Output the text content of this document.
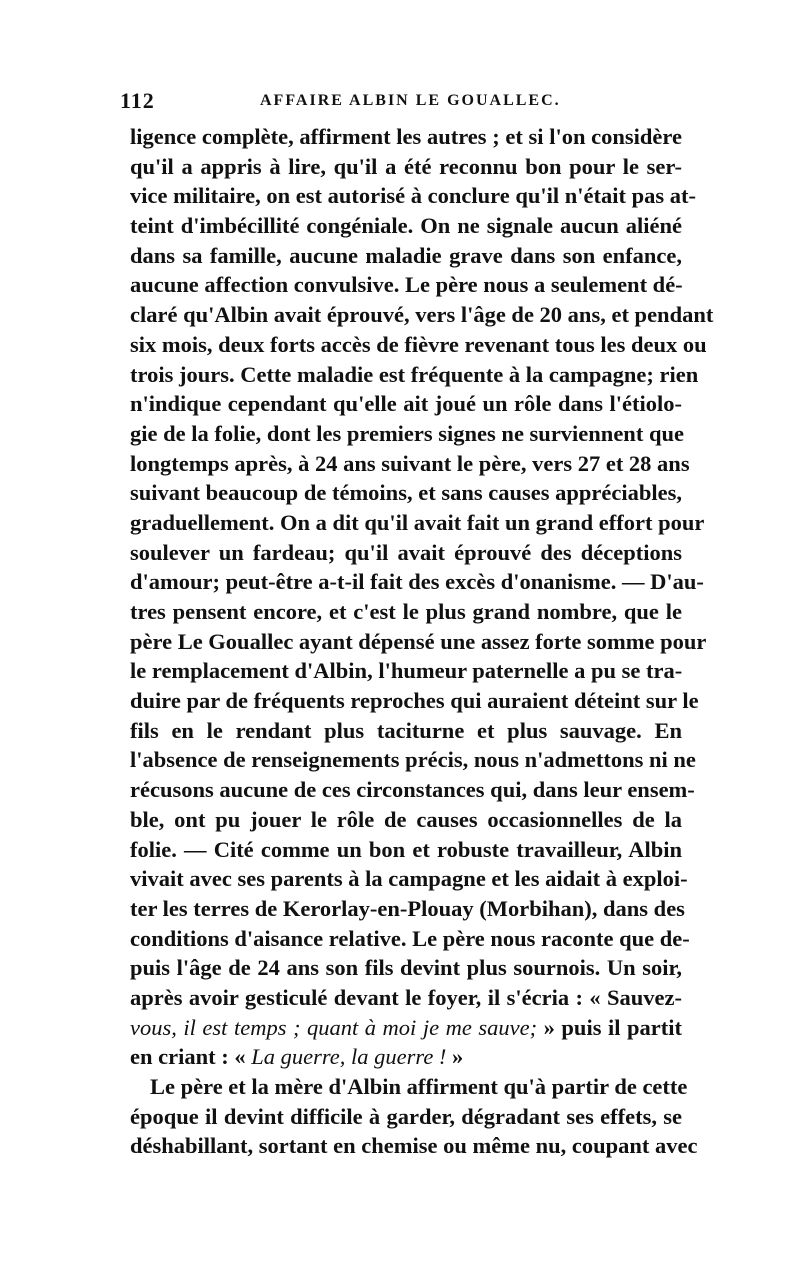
112	AFFAIRE ALBIN LE GOUALLEC.
ligence complète, affirment les autres ; et si l'on considère
qu'il a appris à lire, qu'il a été reconnu bon pour le ser-
vice militaire, on est autorisé à conclure qu'il n'était pas at-
teint d'imbécillité congéniale. On ne signale aucun aliéné
dans sa famille, aucune maladie grave dans son enfance,
aucune affection convulsive. Le père nous a seulement dé-
claré qu'Albin avait éprouvé, vers l'âge de 20 ans, et pendant
six mois, deux forts accès de fièvre revenant tous les deux ou
trois jours. Cette maladie est fréquente à la campagne; rien
n'indique cependant qu'elle ait joué un rôle dans l'étiolo-
gie de la folie, dont les premiers signes ne surviennent que
longtemps après, à 24 ans suivant le père, vers 27 et 28 ans
suivant beaucoup de témoins, et sans causes appréciables,
graduellement. On a dit qu'il avait fait un grand effort pour
soulever un fardeau; qu'il avait éprouvé des déceptions
d'amour; peut-être a-t-il fait des excès d'onanisme. — D'au-
tres pensent encore, et c'est le plus grand nombre, que le
père Le Gouallec ayant dépensé une assez forte somme pour
le remplacement d'Albin, l'humeur paternelle a pu se tra-
duire par de fréquents reproches qui auraient déteint sur le
fils en le rendant plus taciturne et plus sauvage. En
l'absence de renseignements précis, nous n'admettons ni ne
récusons aucune de ces circonstances qui, dans leur ensem-
ble, ont pu jouer le rôle de causes occasionnelles de la
folie. — Cité comme un bon et robuste travailleur, Albin
vivait avec ses parents à la campagne et les aidait à exploi-
ter les terres de Kerorlay-en-Plouay (Morbihan), dans des
conditions d'aisance relative. Le père nous raconte que de-
puis l'âge de 24 ans son fils devint plus sournois. Un soir,
après avoir gesticulé devant le foyer, il s'écria : « Sauvez-
vous, il est temps ; quant à moi je me sauve; » puis il partit
en criant : « La guerre, la guerre ! »
Le père et la mère d'Albin affirment qu'à partir de cette
époque il devint difficile à garder, dégradant ses effets, se
déshabillant, sortant en chemise ou même nu, coupant avec
